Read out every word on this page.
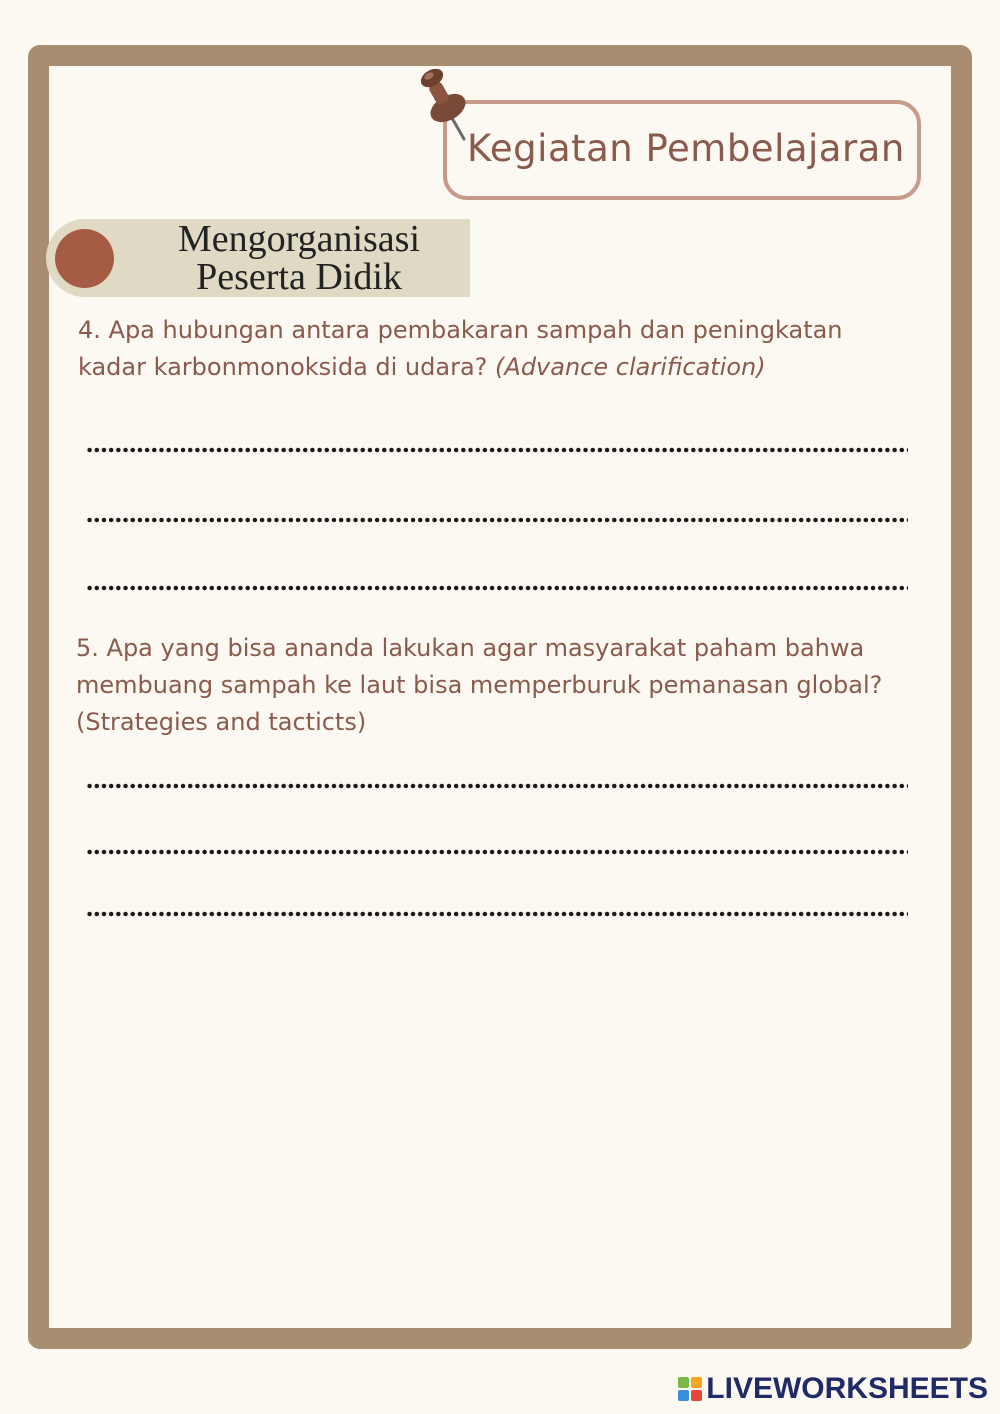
Kegiatan Pembelajaran
Mengorganisasi
Peserta Didik
4. Apa hubungan antara pembakaran sampah dan peningkatan kadar karbonmonoksida di udara? (Advance clarification)
5. Apa yang bisa ananda lakukan agar masyarakat paham bahwa membuang sampah ke laut bisa memperburuk pemanasan global? (Strategies and tacticts)
LIVEWORKSHEETS
